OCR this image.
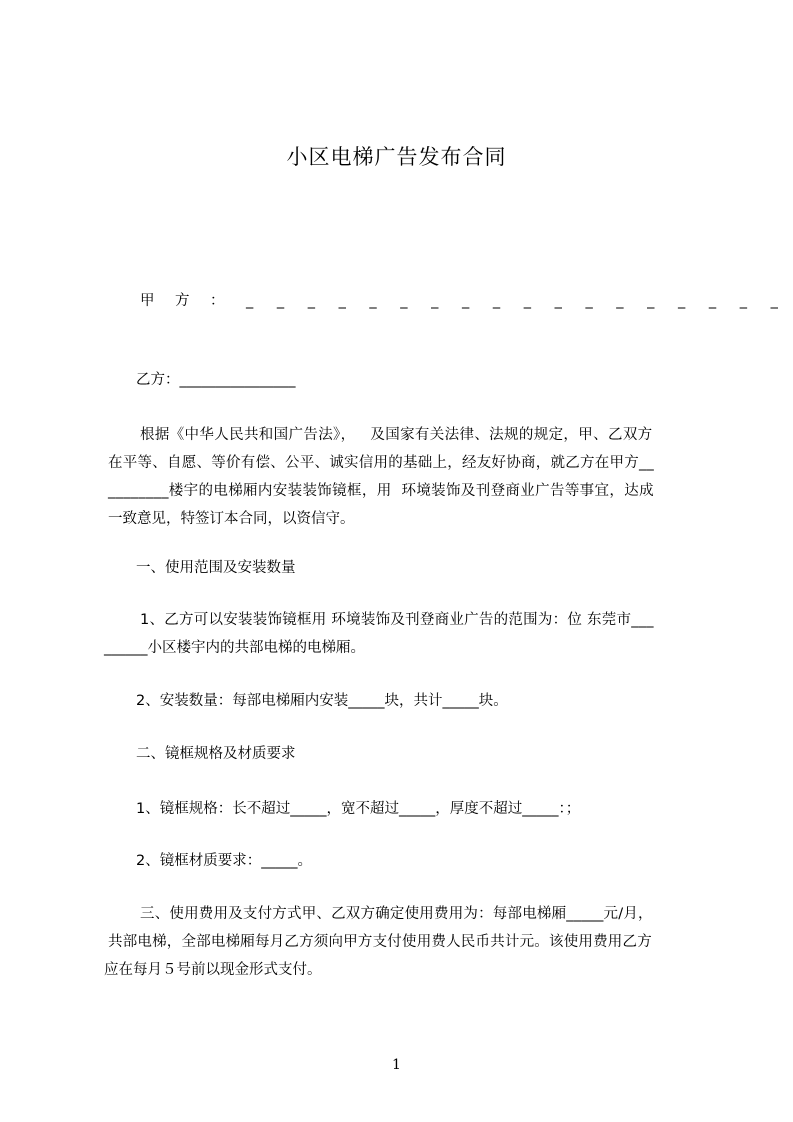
小区电梯广告发布合同
甲 方 ： _ _ _ _ _ _ _ _ _ _ _ _ _ _ _ _ _ _
乙方：________________
根据《中华人民共和国广告法》，   及国家有关法律、法规的规定，甲、乙双方
在平等、自愿、等价有偿、公平、诚实信用的基础上，经友好协商，就乙方在甲方__
________楼宇的电梯厢内安装装饰镜框，用  环境装饰及刊登商业广告等事宜，达成
一致意见，特签订本合同，以资信守。
一、使用范围及安装数量
1、乙方可以安装装饰镜框用 环境装饰及刊登商业广告的范围为：位 东莞市___
______小区楼宇内的共部电梯的电梯厢。
2、安装数量：每部电梯厢内安装_____块，共计_____块。
二、镜框规格及材质要求
1、镜框规格：长不超过_____，宽不超过_____，厚度不超过_____：；
2、镜框材质要求：_____。
三、使用费用及支付方式甲、乙双方确定使用费用为：每部电梯厢_____元/月，
共部电梯，全部电梯厢每月乙方须向甲方支付使用费人民币共计元。该使用费用乙方
应在每月５号前以现金形式支付。
1
